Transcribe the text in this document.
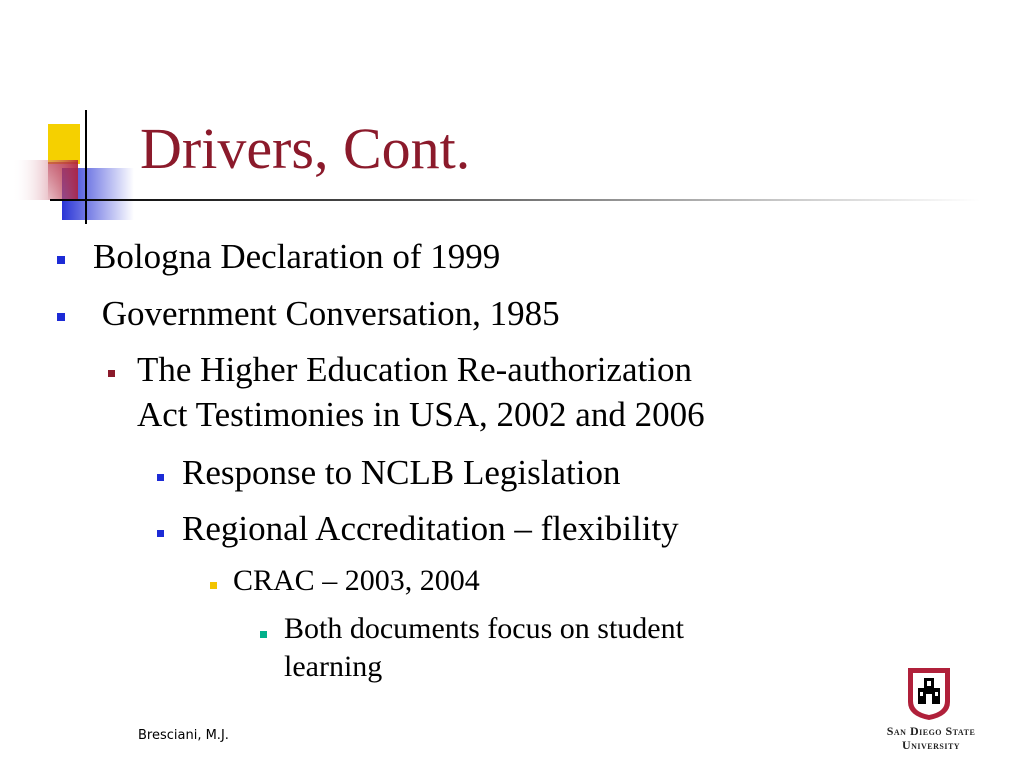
Drivers, Cont.
Bologna Declaration of 1999
Government Conversation, 1985
The Higher Education Re-authorization
Act Testimonies in USA, 2002 and 2006
Response to NCLB Legislation
Regional Accreditation – flexibility
CRAC – 2003, 2004
Both documents focus on student
learning
Bresciani, M.J.	San Diego State
University
